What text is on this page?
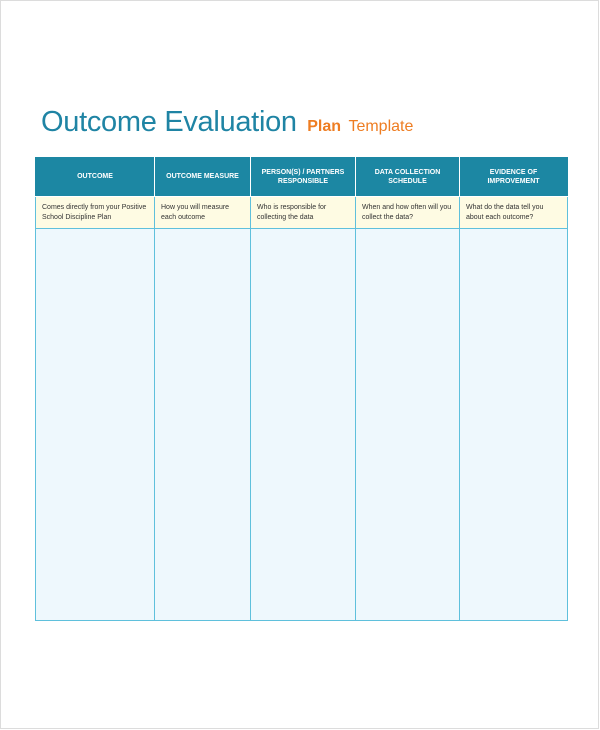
Outcome Evaluation Plan Template
OUTCOME	OUTCOME MEASURE	PERSON(S) / PARTNERS RESPONSIBLE	DATA COLLECTION SCHEDULE	EVIDENCE OF IMPROVEMENT
Comes directly from your Positive School Discipline Plan	How you will measure each outcome	Who is responsible for collecting the data	When and how often will you collect the data?	What do the data tell you about each outcome?
